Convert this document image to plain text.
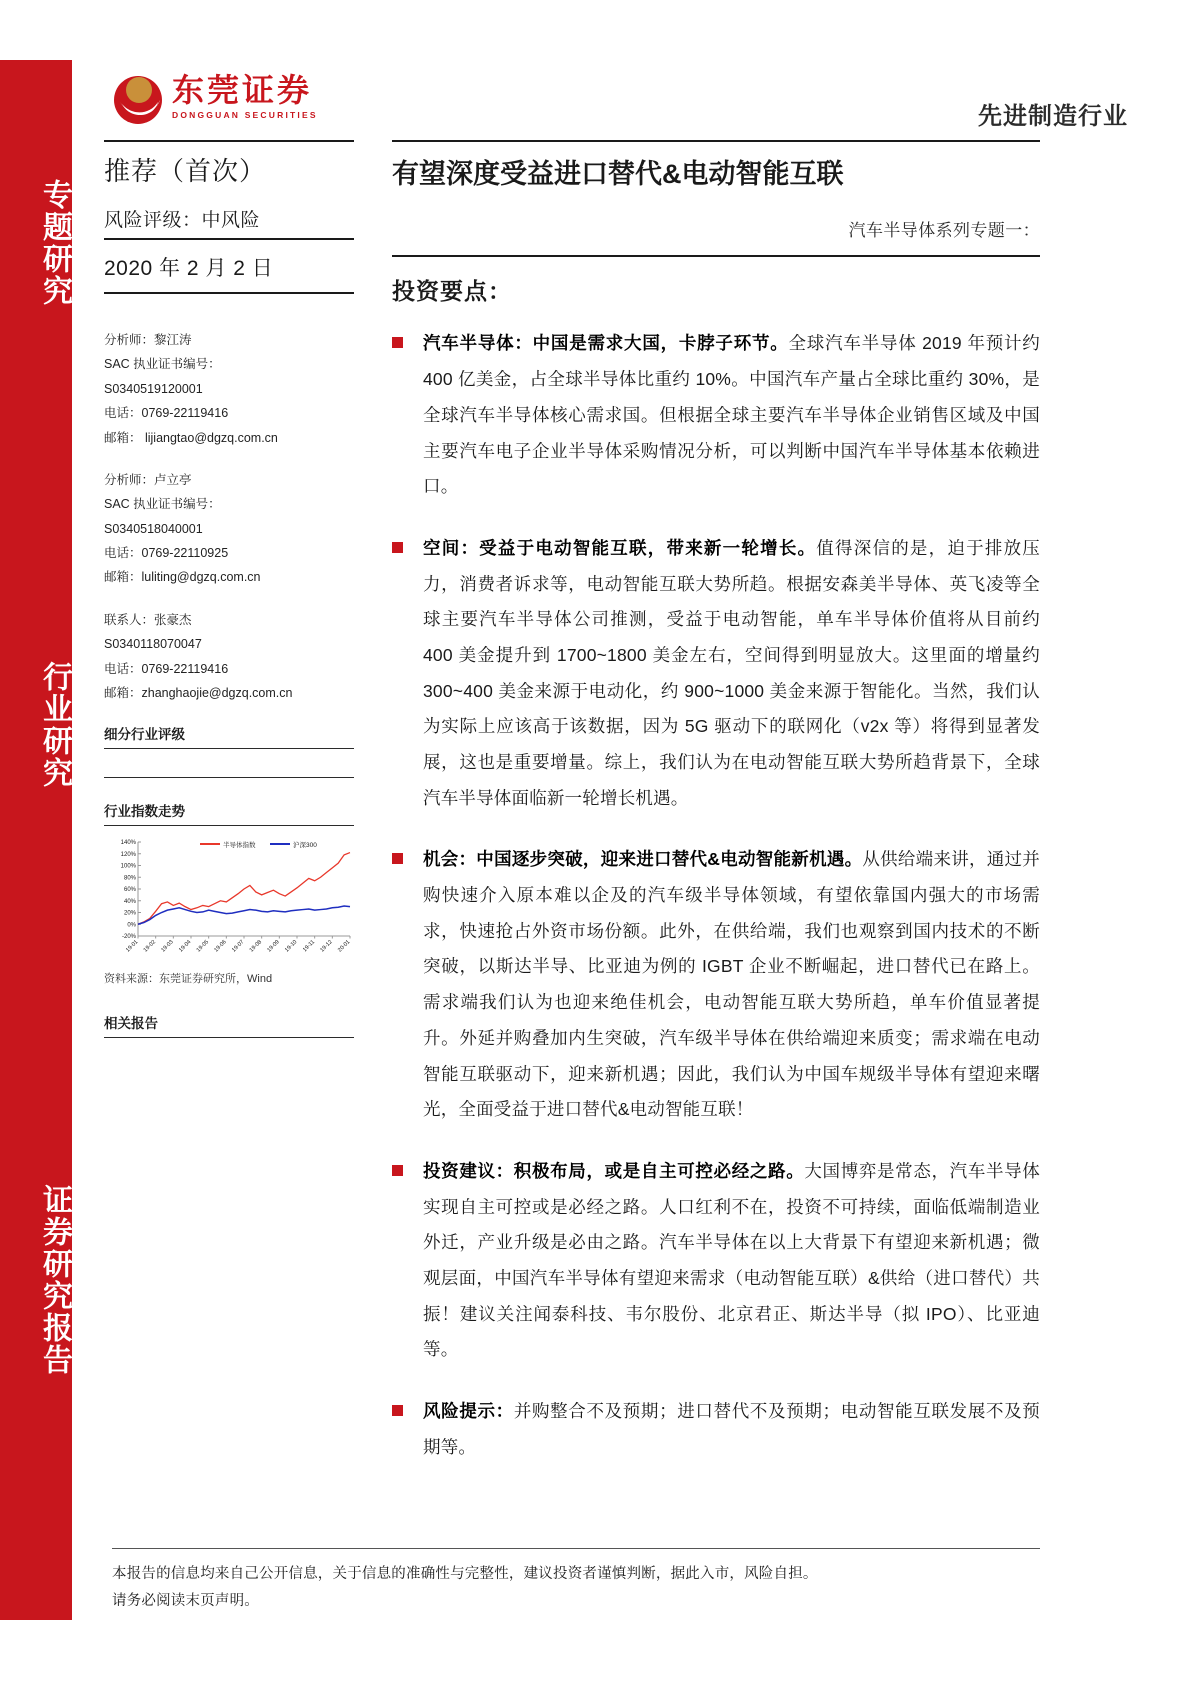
专题研究
行业研究
证券研究报告
东莞证券
DONGGUAN SECURITIES	先进制造行业
推荐（首次）
风险评级：中风险
2020 年 2 月 2 日
分析师：黎江涛
SAC 执业证书编号：
S0340519120001
电话：0769-22119416
邮箱： lijiangtao@dgzq.com.cn
分析师：卢立亭
SAC 执业证书编号：
S0340518040001
电话：0769-22110925
邮箱：luliting@dgzq.com.cn
联系人：张豪杰
S0340118070047
电话：0769-22119416
邮箱：zhanghaojie@dgzq.com.cn
细分行业评级
行业指数走势
半导体指数	沪深300
-20%
0%
20%
40%
60%
80%
100%
120%
140%
19-01 19-02 19-03 19-04 19-05 19-06 19-07 19-08 19-09 19-10 19-11 19-12 20-01
资料来源：东莞证券研究所，Wind
相关报告
有望深度受益进口替代&电动智能互联
汽车半导体系列专题一：
投资要点：
汽车半导体：中国是需求大国，卡脖子环节。全球汽车半导体 2019 年预计约 400 亿美金，占全球半导体比重约 10%。中国汽车产量占全球比重约 30%，是全球汽车半导体核心需求国。但根据全球主要汽车半导体企业销售区域及中国主要汽车电子企业半导体采购情况分析，可以判断中国汽车半导体基本依赖进口。
空间：受益于电动智能互联，带来新一轮增长。值得深信的是，迫于排放压力，消费者诉求等，电动智能互联大势所趋。根据安森美半导体、英飞凌等全球主要汽车半导体公司推测，受益于电动智能，单车半导体价值将从目前约 400 美金提升到 1700~1800 美金左右，空间得到明显放大。这里面的增量约 300~400 美金来源于电动化，约 900~1000 美金来源于智能化。当然，我们认为实际上应该高于该数据，因为 5G 驱动下的联网化（v2x 等）将得到显著发展，这也是重要增量。综上，我们认为在电动智能互联大势所趋背景下，全球汽车半导体面临新一轮增长机遇。
机会：中国逐步突破，迎来进口替代&电动智能新机遇。从供给端来讲，通过并购快速介入原本难以企及的汽车级半导体领域，有望依靠国内强大的市场需求，快速抢占外资市场份额。此外，在供给端，我们也观察到国内技术的不断突破，以斯达半导、比亚迪为例的 IGBT 企业不断崛起，进口替代已在路上。需求端我们认为也迎来绝佳机会，电动智能互联大势所趋，单车价值显著提升。外延并购叠加内生突破，汽车级半导体在供给端迎来质变；需求端在电动智能互联驱动下，迎来新机遇；因此，我们认为中国车规级半导体有望迎来曙光，全面受益于进口替代&电动智能互联！
投资建议：积极布局，或是自主可控必经之路。大国博弈是常态，汽车半导体实现自主可控或是必经之路。人口红利不在，投资不可持续，面临低端制造业外迁，产业升级是必由之路。汽车半导体在以上大背景下有望迎来新机遇；微观层面，中国汽车半导体有望迎来需求（电动智能互联）&供给（进口替代）共振！建议关注闻泰科技、韦尔股份、北京君正、斯达半导（拟 IPO）、比亚迪等。
风险提示：并购整合不及预期；进口替代不及预期；电动智能互联发展不及预期等。
本报告的信息均来自己公开信息，关于信息的准确性与完整性，建议投资者谨慎判断，据此入市，风险自担。
请务必阅读末页声明。
